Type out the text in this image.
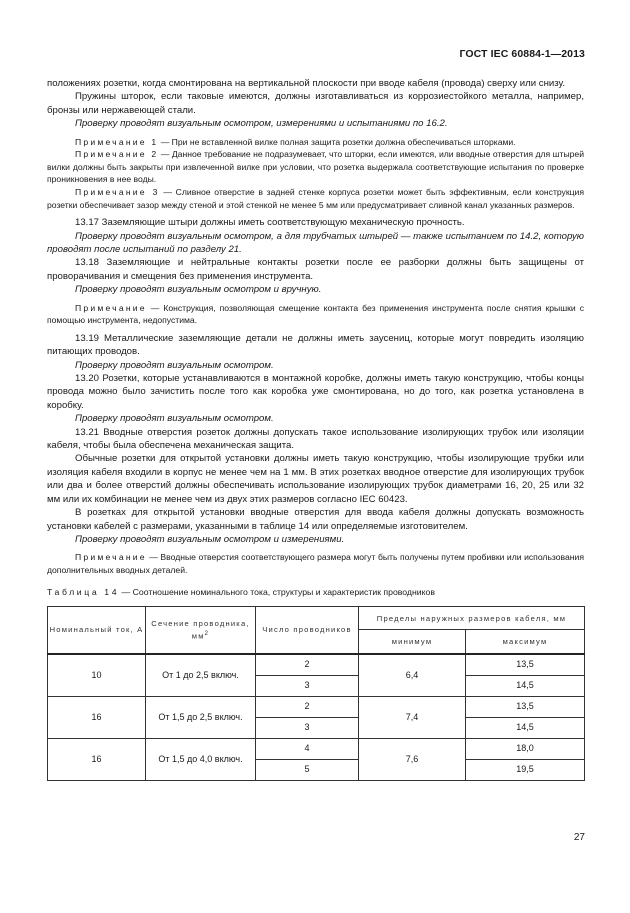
ГОСТ IEC 60884-1—2013

положениях розетки, когда смонтирована на вертикальной плоскости при вводе кабеля (провода) сверху или снизу.

Пружины шторок, если таковые имеются, должны изготавливаться из коррозиестойкого металла, например, бронзы или нержавеющей стали.

Проверку проводят визуальным осмотром, измерениями и испытаниями по 16.2.

Примечание 1 — При не вставленной вилке полная защита розетки должна обеспечиваться шторками.

Примечание 2 — Данное требование не подразумевает, что шторки, если имеются, или вводные отверстия для штырей вилки должны быть закрыты при извлеченной вилке при условии, что розетка выдержала соответствующие испытания по проверке проникновения в нее воды.

Примечание 3 — Сливное отверстие в задней стенке корпуса розетки может быть эффективным, если конструкция розетки обеспечивает зазор между стеной и этой стенкой не менее 5 мм или предусматривает сливной канал указанных размеров.

13.17 Заземляющие штыри должны иметь соответствующую механическую прочность.

Проверку проводят визуальным осмотром, а для трубчатых штырей — также испытанием по 14.2, которую проводят после испытаний по разделу 21.

13.18 Заземляющие и нейтральные контакты розетки после ее разборки должны быть защищены от проворачивания и смещения без применения инструмента.

Проверку проводят визуальным осмотром и вручную.

Примечание — Конструкция, позволяющая смещение контакта без применения инструмента после снятия крышки с помощью инструмента, недопустима.

13.19 Металлические заземляющие детали не должны иметь заусениц, которые могут повредить изоляцию питающих проводов.

Проверку проводят визуальным осмотром.

13.20 Розетки, которые устанавливаются в монтажной коробке, должны иметь такую конструкцию, чтобы концы провода можно было зачистить после того как коробка уже смонтирована, но до того, как розетка установлена в коробку.

Проверку проводят визуальным осмотром.

13.21 Вводные отверстия розеток должны допускать такое использование изолирующих трубок или изоляции кабеля, чтобы была обеспечена механическая защита.

Обычные розетки для открытой установки должны иметь такую конструкцию, чтобы изолирующие трубки или изоляция кабеля входили в корпус не менее чем на 1 мм. В этих розетках вводное отверстие для изолирующих трубок или два и более отверстий должны обеспечивать использование изолирующих трубок диаметрами 16, 20, 25 или 32 мм или их комбинации не менее чем из двух этих размеров согласно IEC 60423.

В розетках для открытой установки вводные отверстия для ввода кабеля должны допускать возможность установки кабелей с размерами, указанными в таблице 14 или определяемые изготовителем.

Проверку проводят визуальным осмотром и измерениями.

Примечание — Вводные отверстия соответствующего размера могут быть получены путем пробивки или использования дополнительных вводных деталей.

Таблица 14 — Соотношение номинального тока, структуры и характеристик проводников

Номинальный ток, А	Сечение проводника, $мм^2$	Число проводников	Пределы наружных размеров кабеля, мм	
			минимум	максимум
10	От 1 до 2,5 включ.	2	6,4	13,5
		3		14,5
16	От 1,5 до 2,5 включ.	2	7,4	13,5
		3		14,5
16	От 1,5 до 4,0 включ.	4	7,6	18,0
		5		19,5
27
